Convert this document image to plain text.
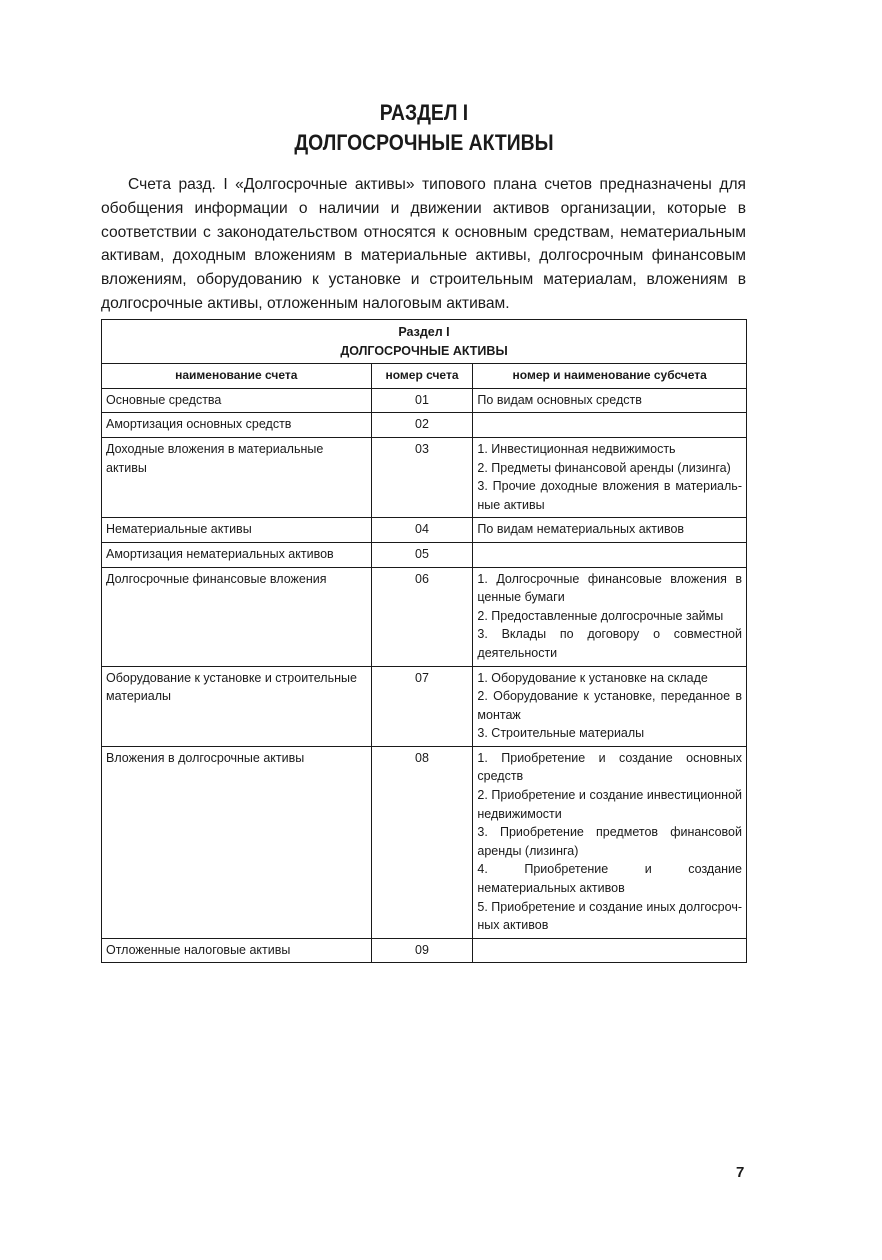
РАЗДЕЛ I
ДОЛГОСРОЧНЫЕ АКТИВЫ

Счета разд. I «Долгосрочные активы» типового плана счетов предназначены для обобщения информации о наличии и движении активов организации, которые в соответствии с законодательством относятся к основным средствам, нематериальным активам, доходным вложениям в материальные активы, долгосрочным финансовым вложениям, оборудованию к установке и строительным материалам, вложениям в долгосрочные активы, отложенным налоговым активам.

Раздел I
ДОЛГОСРОЧНЫЕ АКТИВЫ		

наименование счета	номер счета	номер и наименование субсчета
Основные средства	01	По видам основных средств

Амортизация основных средств	02	
Доходные вложения в материальные активы	03	1. Инвестиционная недвижимость
2. Предметы финансовой аренды (лизинга)
3. Прочие доходные вложения в материальные активы

Нематериальные активы	04	По видам нематериальных активов

Амортизация нематериальных активов	05	
Долгосрочные финансовые вложения	06	1. Долгосрочные финансовые вложения в ценные бумаги
2. Предоставленные долгосрочные займы
3. Вклады по договору о совместной деятельности

Оборудование к установке и строительные материалы	07	1. Оборудование к установке на складе
2. Оборудование к установке, переданное в монтаж
3. Строительные материалы

Вложения в долгосрочные активы	08	1. Приобретение и создание основных средств
2. Приобретение и создание инвестиционной недвижимости
3. Приобретение предметов финансовой аренды (лизинга)
4. Приобретение и создание нематериальных активов
5. Приобретение и создание иных долгосрочных активов

Отложенные налоговые активы	09	
7
